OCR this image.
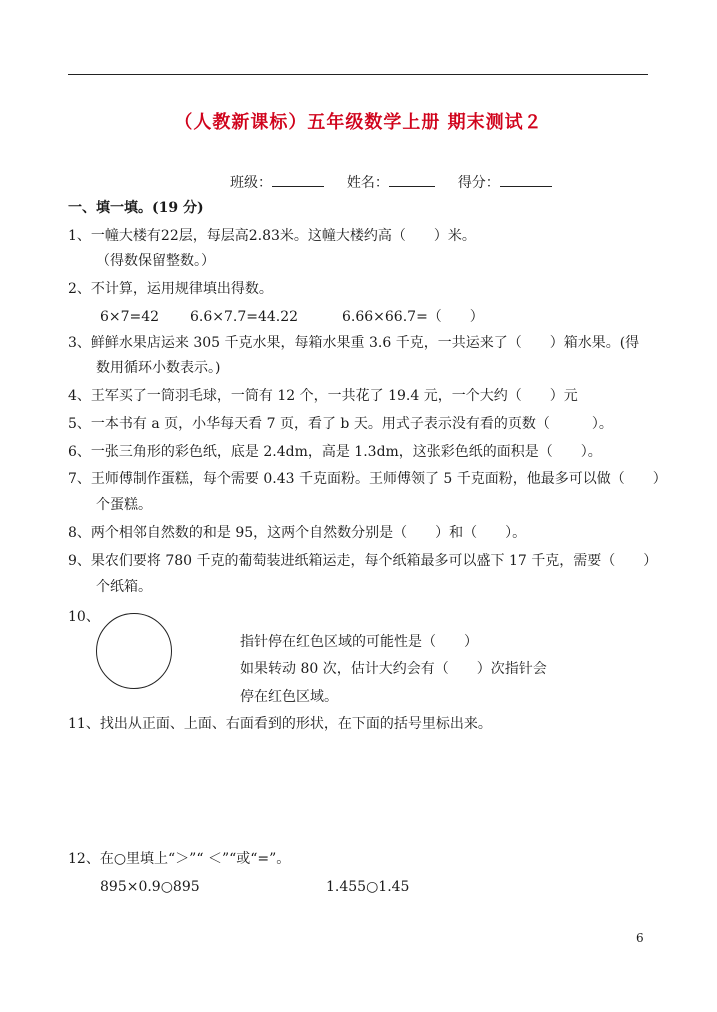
（人教新课标）五年级数学上册 期末测试２
班级：	姓名：	得分：
一、填一填。(19 分)
1、一幢大楼有22层，每层高2.83米。这幢大楼约高（　　）米。
（得数保留整数。）
2、不计算，运用规律填出得数。
6×7=42 6.6×7.7=44.22	6.66×66.7=（　　）
3、鲜鲜水果店运来 305 千克水果，每箱水果重 3.6 千克，一共运来了（　　）箱水果。(得
数用循环小数表示。)
4、王军买了一筒羽毛球，一筒有 12 个，一共花了 19.4 元，一个大约（　　）元
5、一本书有 a 页，小华每天看 7 页，看了 b 天。用式子表示没有看的页数（　　　）。
6、一张三角形的彩色纸，底是 2.4dm，高是 1.3dm，这张彩色纸的面积是（　　）。
7、王师傅制作蛋糕，每个需要 0.43 千克面粉。王师傅领了 5 千克面粉，他最多可以做（　　）
个蛋糕。
8、两个相邻自然数的和是 95，这两个自然数分别是（　　）和（　　）。
9、果农们要将 780 千克的葡萄装进纸箱运走，每个纸箱最多可以盛下 17 千克，需要（　　）
个纸箱。
10、
指针停在红色区域的可能性是（　　）
如果转动 80 次，估计大约会有（　　）次指针会
停在红色区域。
11、找出从正面、上面、右面看到的形状，在下面的括号里标出来。
12、在○里填上“＞”“ ＜”“或“=”。
895×0.9○895	1.455○1.45
6
